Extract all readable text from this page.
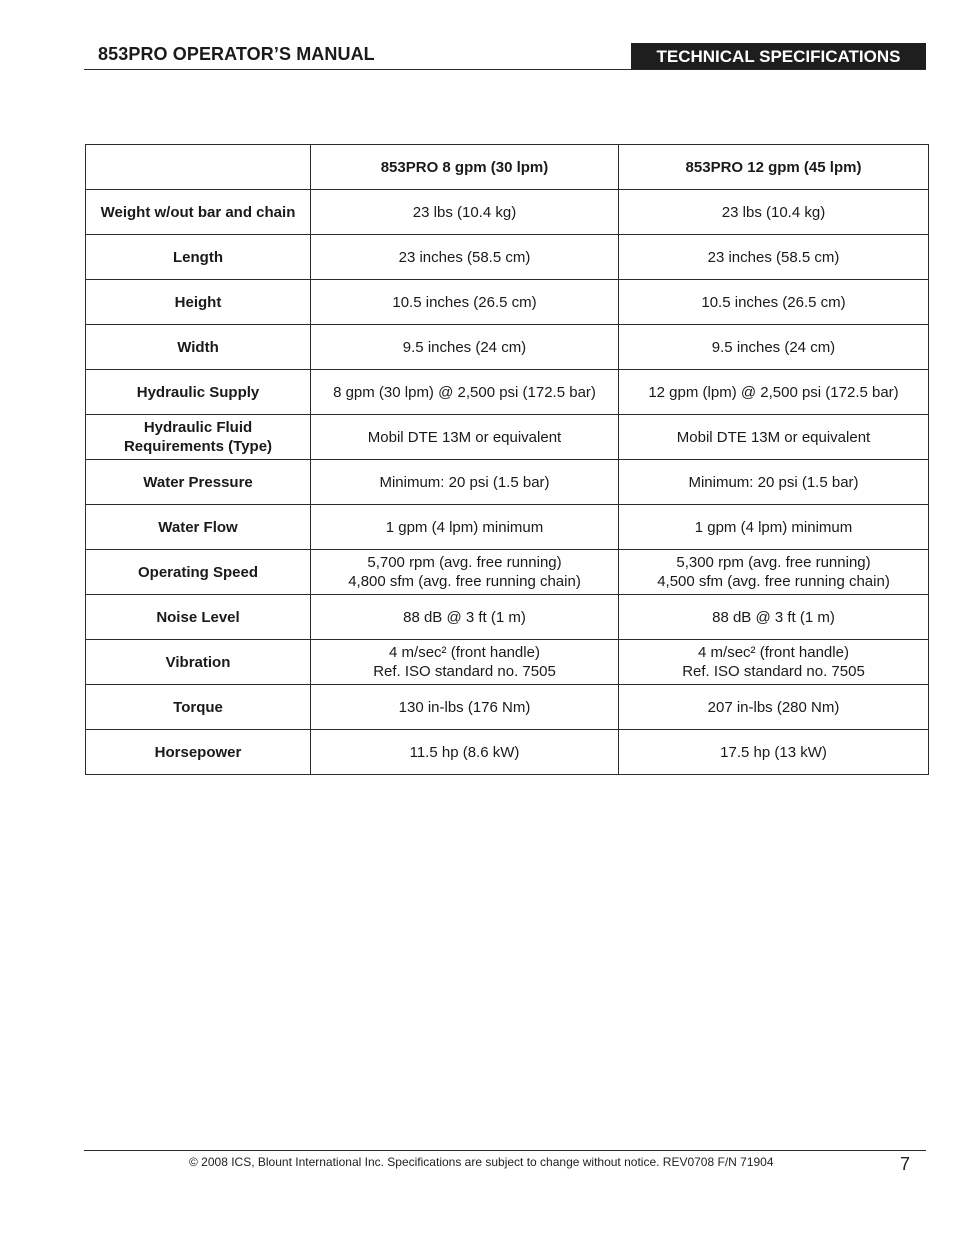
853PRO OPERATOR’S MANUAL	TECHNICAL SPECIFICATIONS
	853PRO 8 gpm (30 lpm)	853PRO 12 gpm (45 lpm)

Weight w/out bar and chain	23 lbs (10.4 kg)	23 lbs (10.4 kg)

Length	23 inches (58.5 cm)	23 inches (58.5 cm)

Height	10.5 inches (26.5 cm)	10.5 inches (26.5 cm)

Width	9.5 inches (24 cm)	9.5 inches (24 cm)

Hydraulic Supply	8 gpm (30 lpm) @ 2,500 psi (172.5 bar)	12 gpm (lpm) @ 2,500 psi (172.5 bar)

Hydraulic Fluid
Requirements (Type)	Mobil DTE 13M or equivalent	Mobil DTE 13M or equivalent

Water Pressure	Minimum: 20 psi (1.5 bar)	Minimum: 20 psi (1.5 bar)

Water Flow	1 gpm (4 lpm) minimum	1 gpm (4 lpm) minimum

Operating Speed	5,700 rpm (avg. free running)
4,800 sfm (avg. free running chain)	5,300 rpm (avg. free running)
4,500 sfm (avg. free running chain)

Noise Level	88 dB @ 3 ft (1 m)	88 dB @ 3 ft (1 m)

Vibration	4 m/sec² (front handle)
Ref. ISO standard no. 7505	4 m/sec² (front handle)
Ref. ISO standard no. 7505

Torque	130 in-lbs (176 Nm)	207 in-lbs (280 Nm)

Horsepower	11.5 hp (8.6 kW)	17.5 hp (13 kW)
© 2008 ICS, Blount International Inc. Specifications are subject to change without notice. REV0708 F/N 71904	7
